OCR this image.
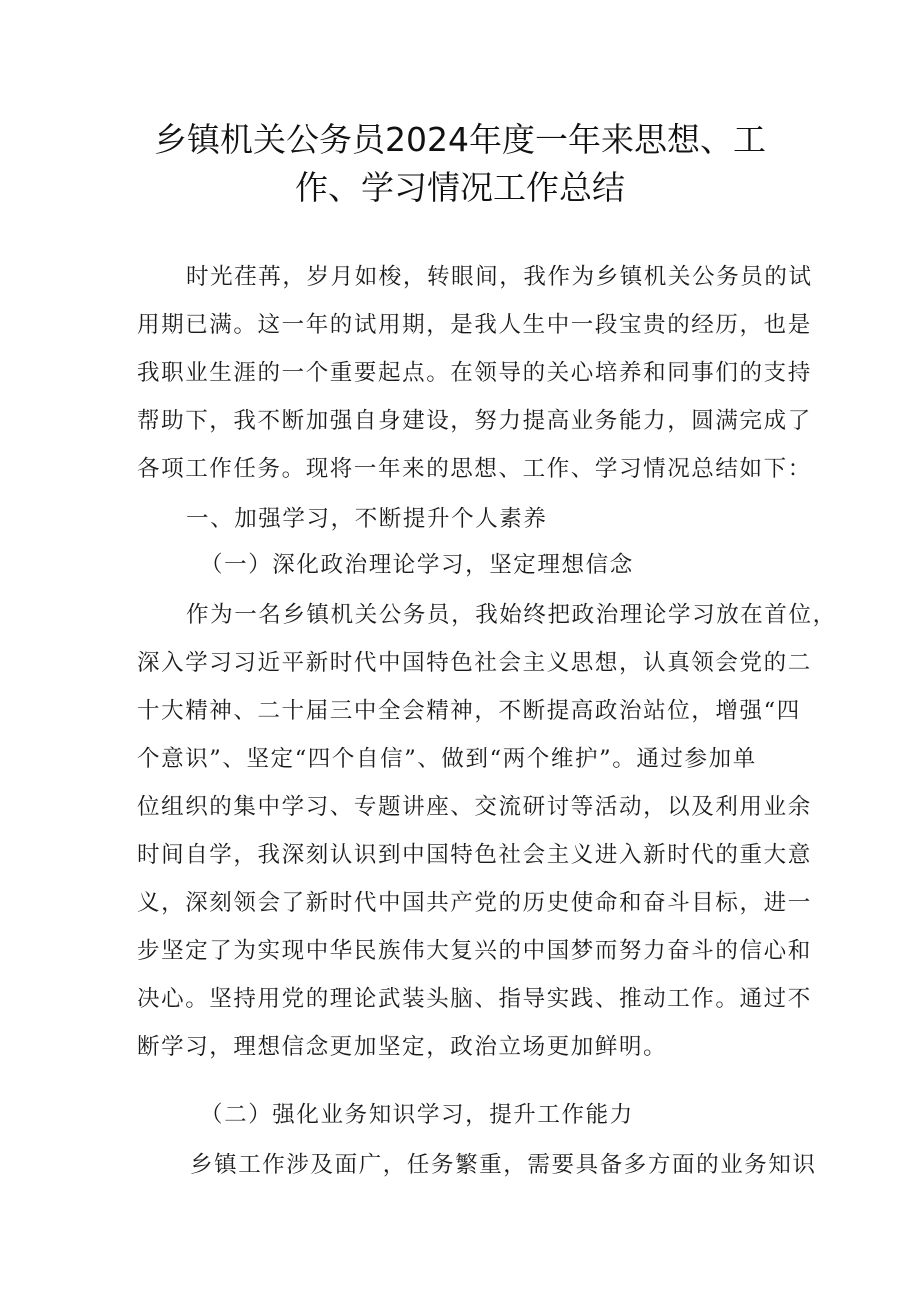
乡镇机关公务员2024年度一年来思想、工
作、学习情况工作总结
时光荏苒，岁月如梭，转眼间，我作为乡镇机关公务员的试
用期已满。这一年的试用期，是我人生中一段宝贵的经历，也是
我职业生涯的一个重要起点。在领导的关心培养和同事们的支持
帮助下，我不断加强自身建设，努力提高业务能力，圆满完成了
各项工作任务。现将一年来的思想、工作、学习情况总结如下：
一、加强学习，不断提升个人素养
（一）深化政治理论学习，坚定理想信念
作为一名乡镇机关公务员，我始终把政治理论学习放在首位，
深入学习习近平新时代中国特色社会主义思想，认真领会党的二
十大精神、二十届三中全会精神，不断提高政治站位，增强“四
个意识”、坚定“四个自信”、做到“两个维护”。通过参加单
位组织的集中学习、专题讲座、交流研讨等活动，以及利用业余
时间自学，我深刻认识到中国特色社会主义进入新时代的重大意
义，深刻领会了新时代中国共产党的历史使命和奋斗目标，进一
步坚定了为实现中华民族伟大复兴的中国梦而努力奋斗的信心和
决心。坚持用党的理论武装头脑、指导实践、推动工作。通过不
断学习，理想信念更加坚定，政治立场更加鲜明。
（二）强化业务知识学习，提升工作能力
乡镇工作涉及面广，任务繁重，需要具备多方面的业务知识
